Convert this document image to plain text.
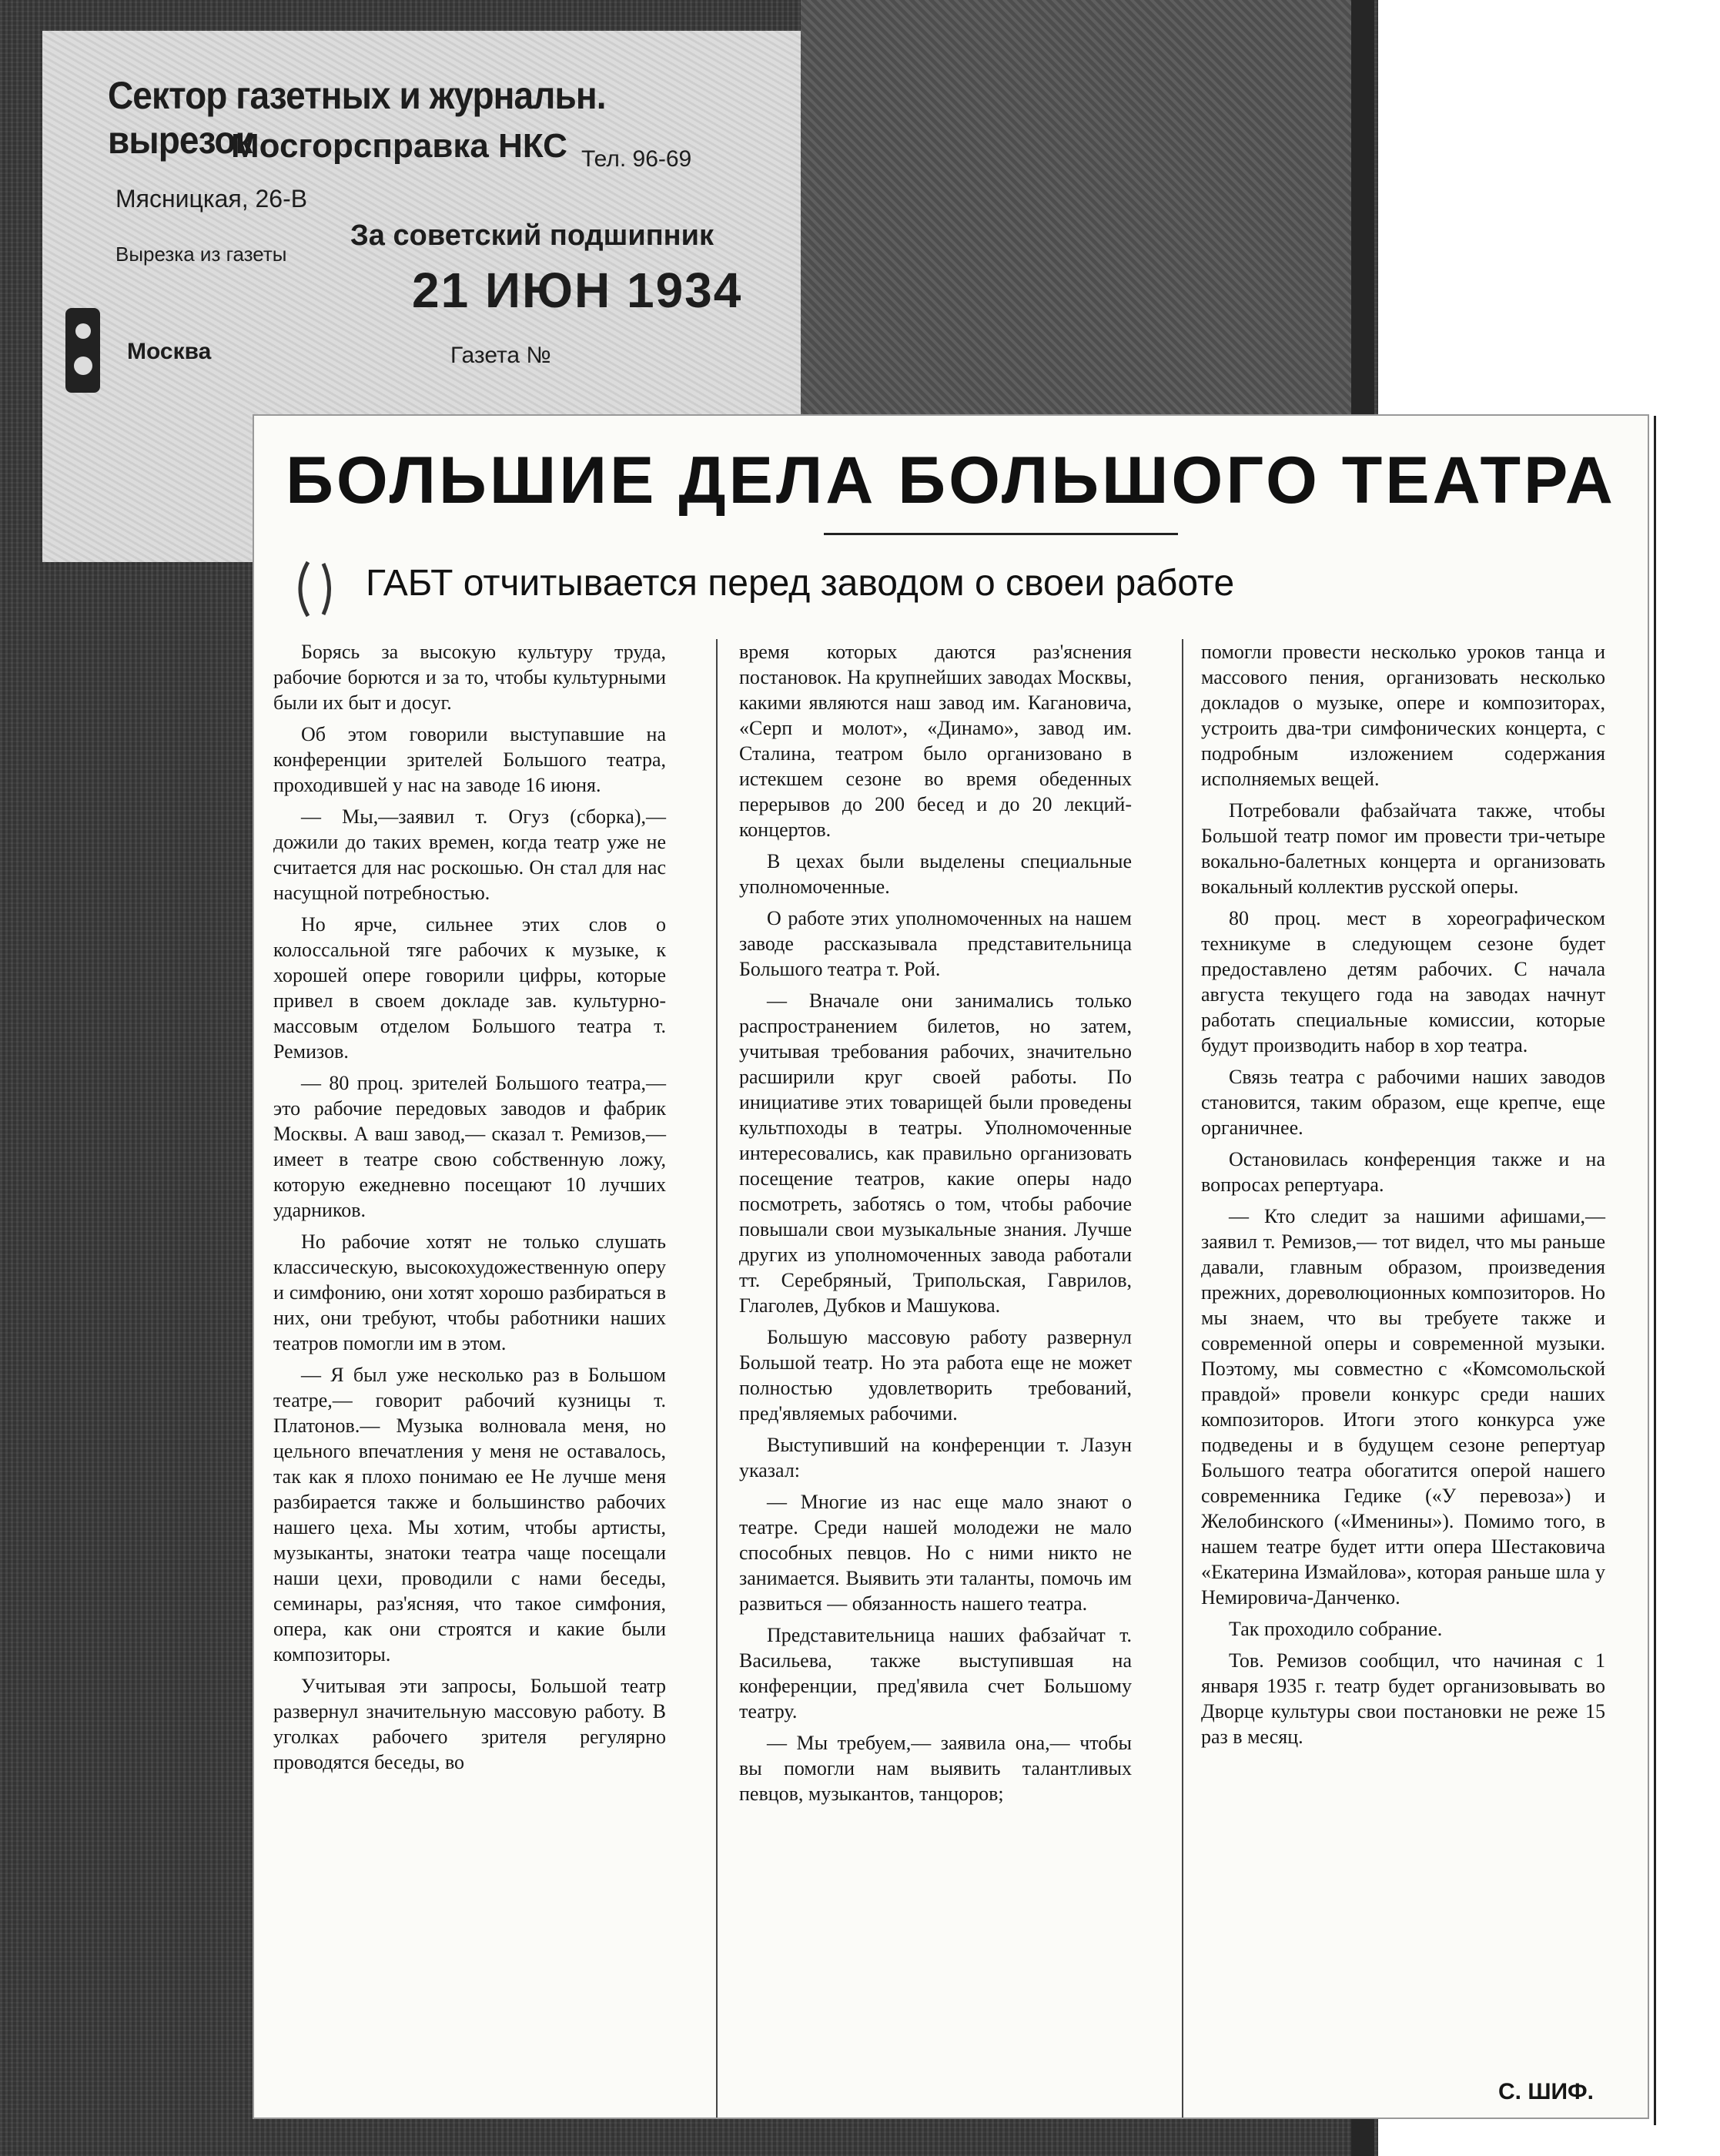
Сектор газетных и журнальн. вырезок
Мосгорсправка НКС Тел. 96-69
Мясницкая, 26-В
Вырезка из газеты
За советский подшипник
21 ИЮН 1934
Москва	Газета №
БОЛЬШИЕ ДЕЛА БОЛЬШОГО ТЕАТРА
ГАБТ отчитывается перед заводом о своеи работе

Борясь за высокую культуру труда, рабочие борются и за то, чтобы культурными были их быт и досуг.

Об этом говорили выступавшие на конференции зрителей Большого театра, проходившей у нас на заводе 16 июня.

— Мы,—заявил т. Огуз (сборка),— дожили до таких времен, когда театр уже не считается для нас роскошью. Он стал для нас насущной потребностью.

Но ярче, сильнее этих слов о колоссальной тяге рабочих к музыке, к хорошей опере говорили цифры, которые привел в своем докладе зав. культурно-массовым отделом Большого театра т. Ремизов.

— 80 проц. зрителей Большого театра,— это рабочие передовых заводов и фабрик Москвы. А ваш завод,— сказал т. Ремизов,— имеет в театре свою собственную ложу, которую ежедневно посещают 10 лучших ударников.

Но рабочие хотят не только слушать классическую, высокохудожественную оперу и симфонию, они хотят хорошо разбираться в них, они требуют, чтобы работники наших театров помогли им в этом.

— Я был уже несколько раз в Большом театре,— говорит рабочий кузницы т. Платонов.— Музыка волновала меня, но цельного впечатления у меня не оставалось, так как я плохо понимаю ее Не лучше меня разбирается также и большинство рабочих нашего цеха. Мы хотим, чтобы артисты, музыканты, знатоки театра чаще посещали наши цехи, проводили с нами беседы, семинары, раз'ясняя, что такое симфония, опера, как они строятся и какие были композиторы.

Учитывая эти запросы, Большой театр развернул значительную массовую работу. В уголках рабочего зрителя регулярно проводятся беседы, во

время которых даются раз'яснения постановок. На крупнейших заводах Москвы, какими являются наш завод им. Кагановича, «Серп и молот», «Динамо», завод им. Сталина, театром было организовано в истекшем сезоне во время обеденных перерывов до 200 бесед и до 20 лекций-концертов.

В цехах были выделены специальные уполномоченные.

О работе этих уполномоченных на нашем заводе рассказывала представительница Большого театра т. Рой.

— Вначале они занимались только распространением билетов, но затем, учитывая требования рабочих, значительно расширили круг своей работы. По инициативе этих товарищей были проведены культпоходы в театры. Уполномоченные интересовались, как правильно организовать посещение театров, какие оперы надо посмотреть, заботясь о том, чтобы рабочие повышали свои музыкальные знания. Лучше других из уполномоченных завода работали тт. Серебряный, Трипольская, Гаврилов, Глаголев, Дубков и Машукова.

Большую массовую работу развернул Большой театр. Но эта работа еще не может полностью удовлетворить требований, пред'являемых рабочими.

Выступивший на конференции т. Лазун указал:

— Многие из нас еще мало знают о театре. Среди нашей молодежи не мало способных певцов. Но с ними никто не занимается. Выявить эти таланты, помочь им развиться — обязанность нашего театра.

Представительница наших фабзайчат т. Васильева, также выступившая на конференции, пред'явила счет Большому театру.

— Мы требуем,— заявила она,— чтобы вы помогли нам выявить талантливых певцов, музыкантов, танцоров;

помогли провести несколько уроков танца и массового пения, организовать несколько докладов о музыке, опере и композиторах, устроить два-три симфонических концерта, с подробным изложением содержания исполняемых вещей.

Потребовали фабзайчата также, чтобы Большой театр помог им провести три-четыре вокально-балетных концерта и организовать вокальный коллектив русской оперы.

80 проц. мест в хореографическом техникуме в следующем сезоне будет предоставлено детям рабочих. С начала августа текущего года на заводах начнут работать специальные комиссии, которые будут производить набор в хор театра.

Связь театра с рабочими наших заводов становится, таким образом, еще крепче, еще органичнее.

Остановилась конференция также и на вопросах репертуара.

— Кто следит за нашими афишами,— заявил т. Ремизов,— тот видел, что мы раньше давали, главным образом, произведения прежних, дореволюционных композиторов. Но мы знаем, что вы требуете также и современной оперы и современной музыки. Поэтому, мы совместно с «Комсомольской правдой» провели конкурс среди наших композиторов. Итоги этого конкурса уже подведены и в будущем сезоне репертуар Большого театра обогатится оперой нашего современника Гедике («У перевоза») и Желобинского («Именины»). Помимо того, в нашем театре будет итти опера Шестаковича «Екатерина Измайлова», которая раньше шла у Немировича-Данченко.

Так проходило собрание.

Тов. Ремизов сообщил, что начиная с 1 января 1935 г. театр будет организовывать во Дворце культуры свои постановки не реже 15 раз в месяц.

С. ШИФ.
